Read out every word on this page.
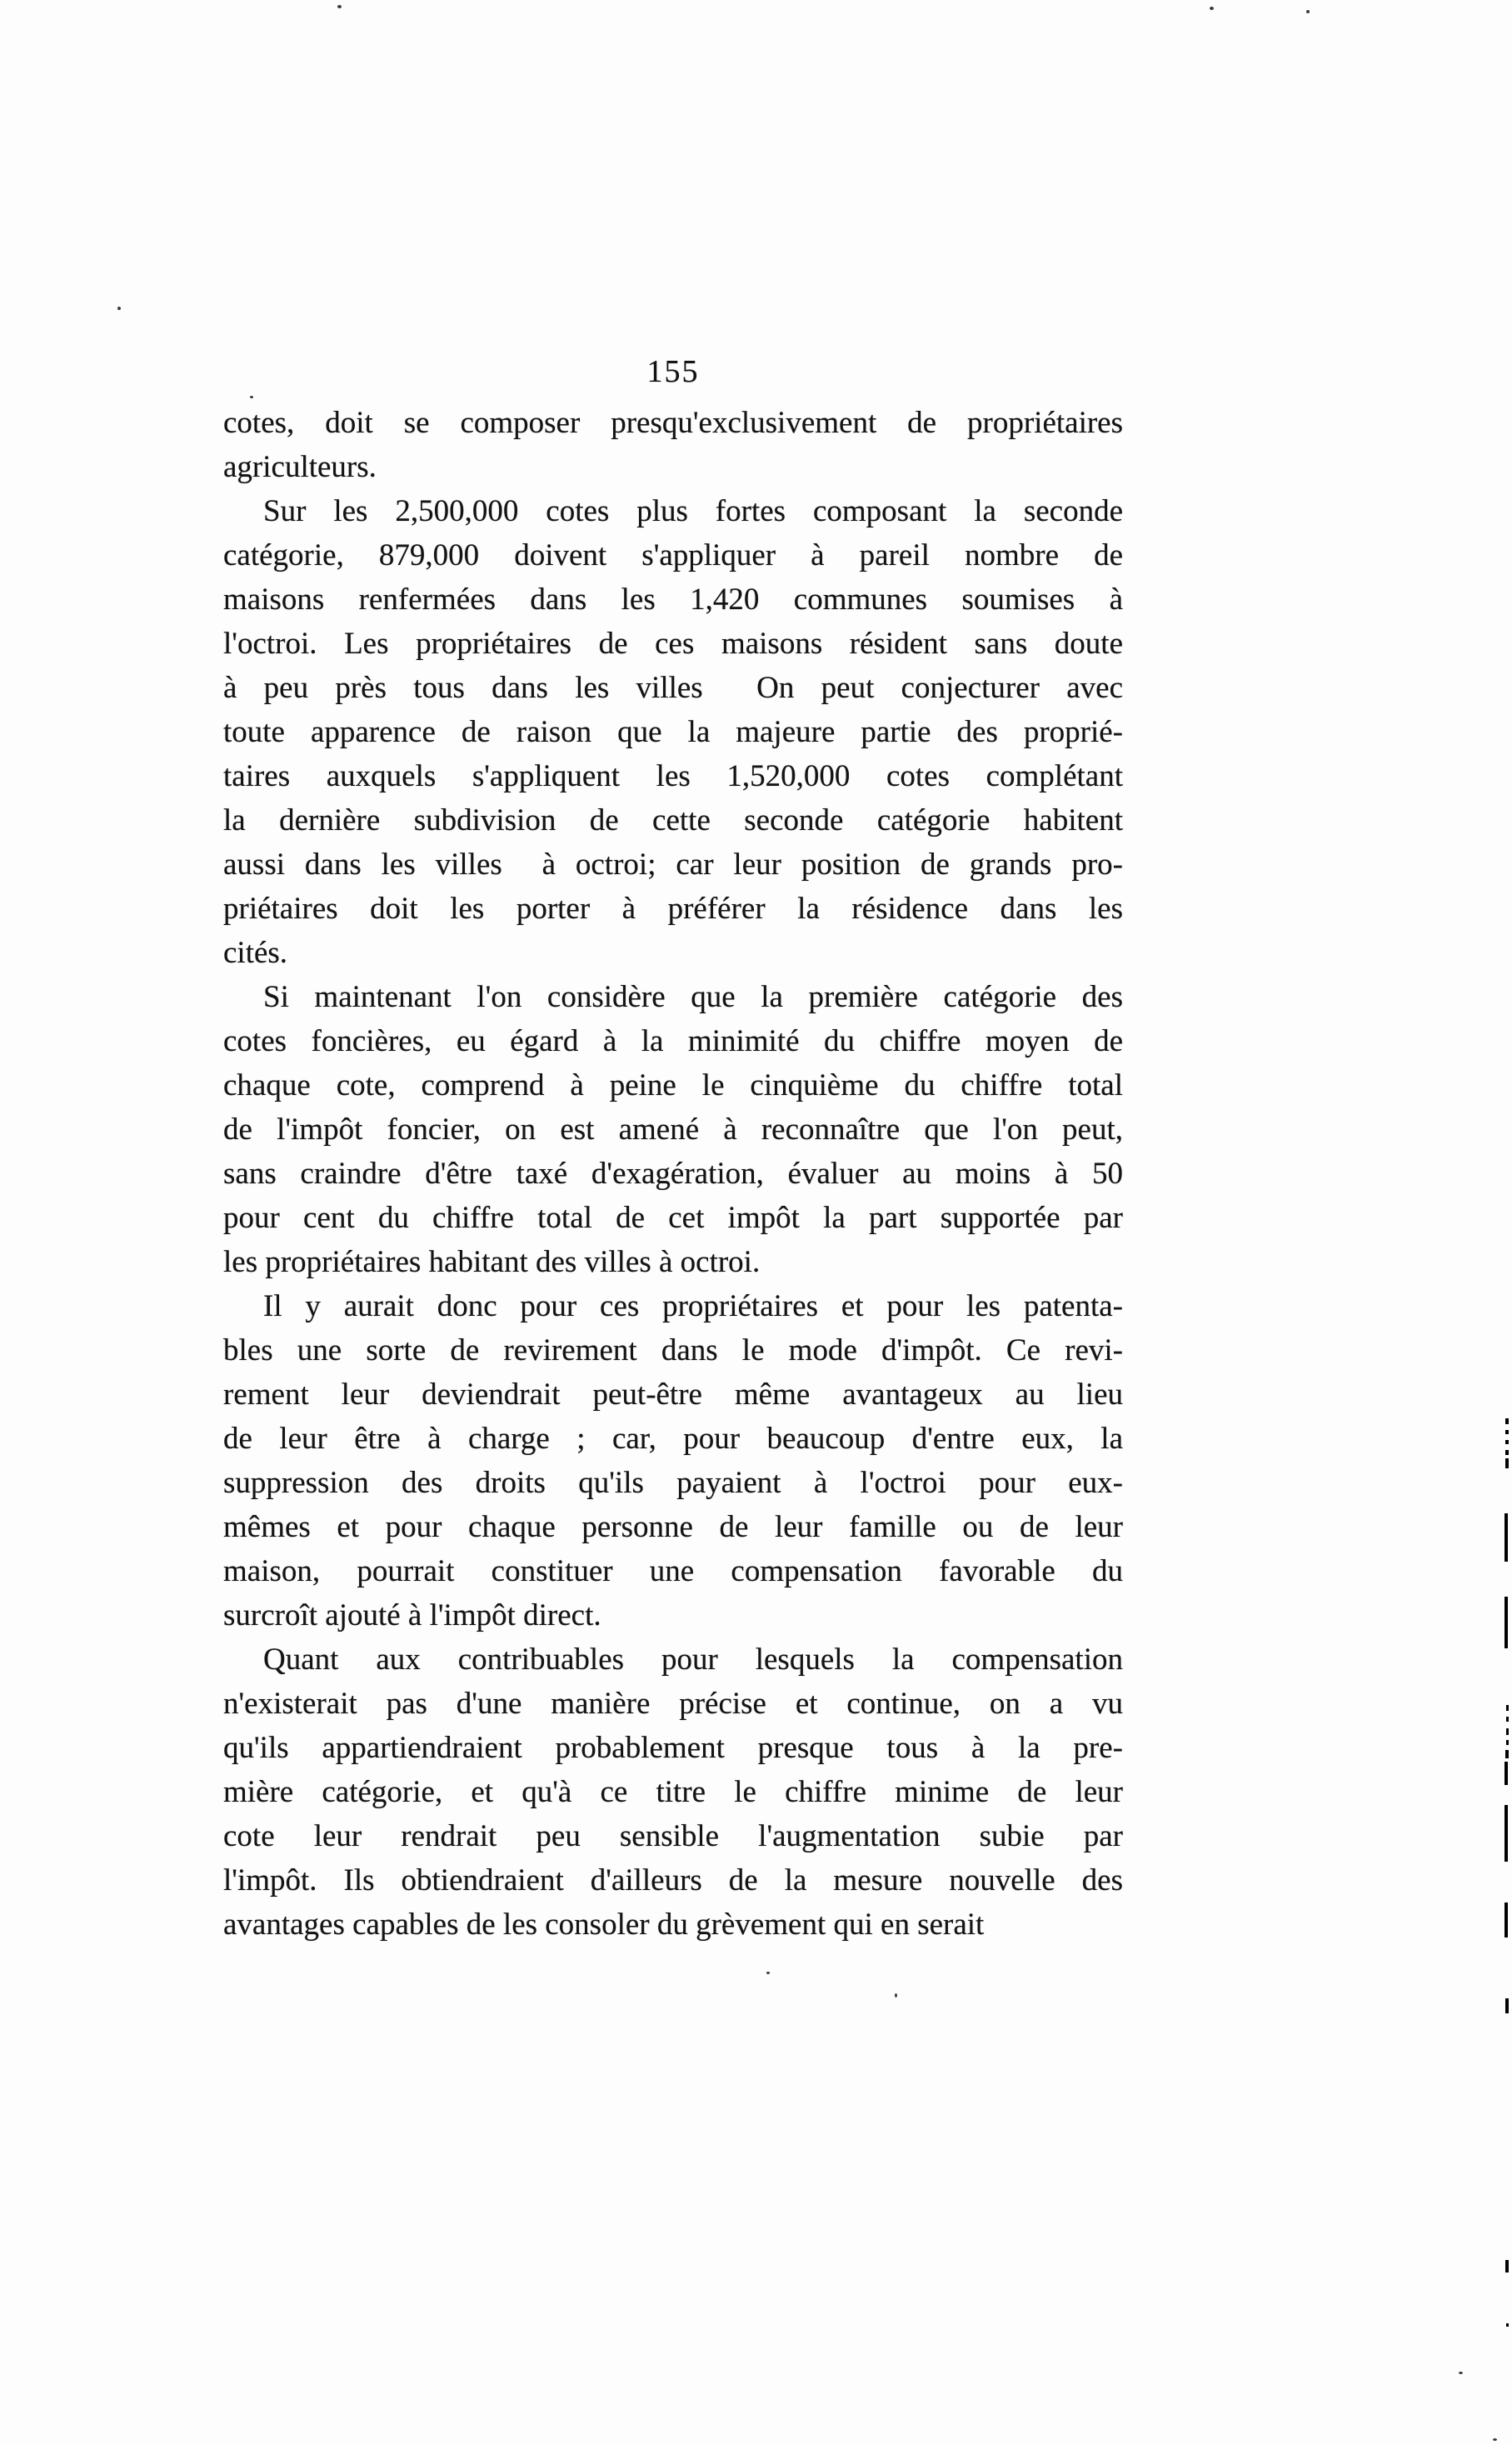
155
cotes, doit se composer presqu'exclusivement de propriétaires
agriculteurs.
Sur les 2,500,000 cotes plus fortes composant la seconde
catégorie, 879,000 doivent s'appliquer à pareil nombre de
maisons renfermées dans les 1,420 communes soumises à
l'octroi. Les propriétaires de ces maisons résident sans doute
à peu près tous dans les villes  On peut conjecturer avec
toute apparence de raison que la majeure partie des proprié-
taires auxquels s'appliquent les 1,520,000 cotes complétant
la dernière subdivision de cette seconde catégorie habitent
aussi dans les villes  à octroi; car leur position de grands pro-
priétaires doit les porter à préférer la résidence dans les
cités.
Si maintenant l'on considère que la première catégorie des
cotes foncières, eu égard à la minimité du chiffre moyen de
chaque cote, comprend à peine le cinquième du chiffre total
de l'impôt foncier, on est amené à reconnaître que l'on peut,
sans craindre d'être taxé d'exagération, évaluer au moins à 50
pour cent du chiffre total de cet impôt la part supportée par
les propriétaires habitant des villes à octroi.
Il y aurait donc pour ces propriétaires et pour les patenta-
bles une sorte de revirement dans le mode d'impôt. Ce revi-
rement leur deviendrait peut-être même avantageux au lieu
de leur être à charge ; car, pour beaucoup d'entre eux, la
suppression des droits qu'ils payaient à l'octroi pour eux-
mêmes et pour chaque personne de leur famille ou de leur
maison, pourrait constituer une compensation favorable du
surcroît ajouté à l'impôt direct.
Quant aux contribuables pour lesquels la compensation
n'existerait pas d'une manière précise et continue, on a vu
qu'ils appartiendraient probablement presque tous à la pre-
mière catégorie, et qu'à ce titre le chiffre minime de leur
cote leur rendrait peu sensible l'augmentation subie par
l'impôt. Ils obtiendraient d'ailleurs de la mesure nouvelle des
avantages capables de les consoler du grèvement qui en serait
